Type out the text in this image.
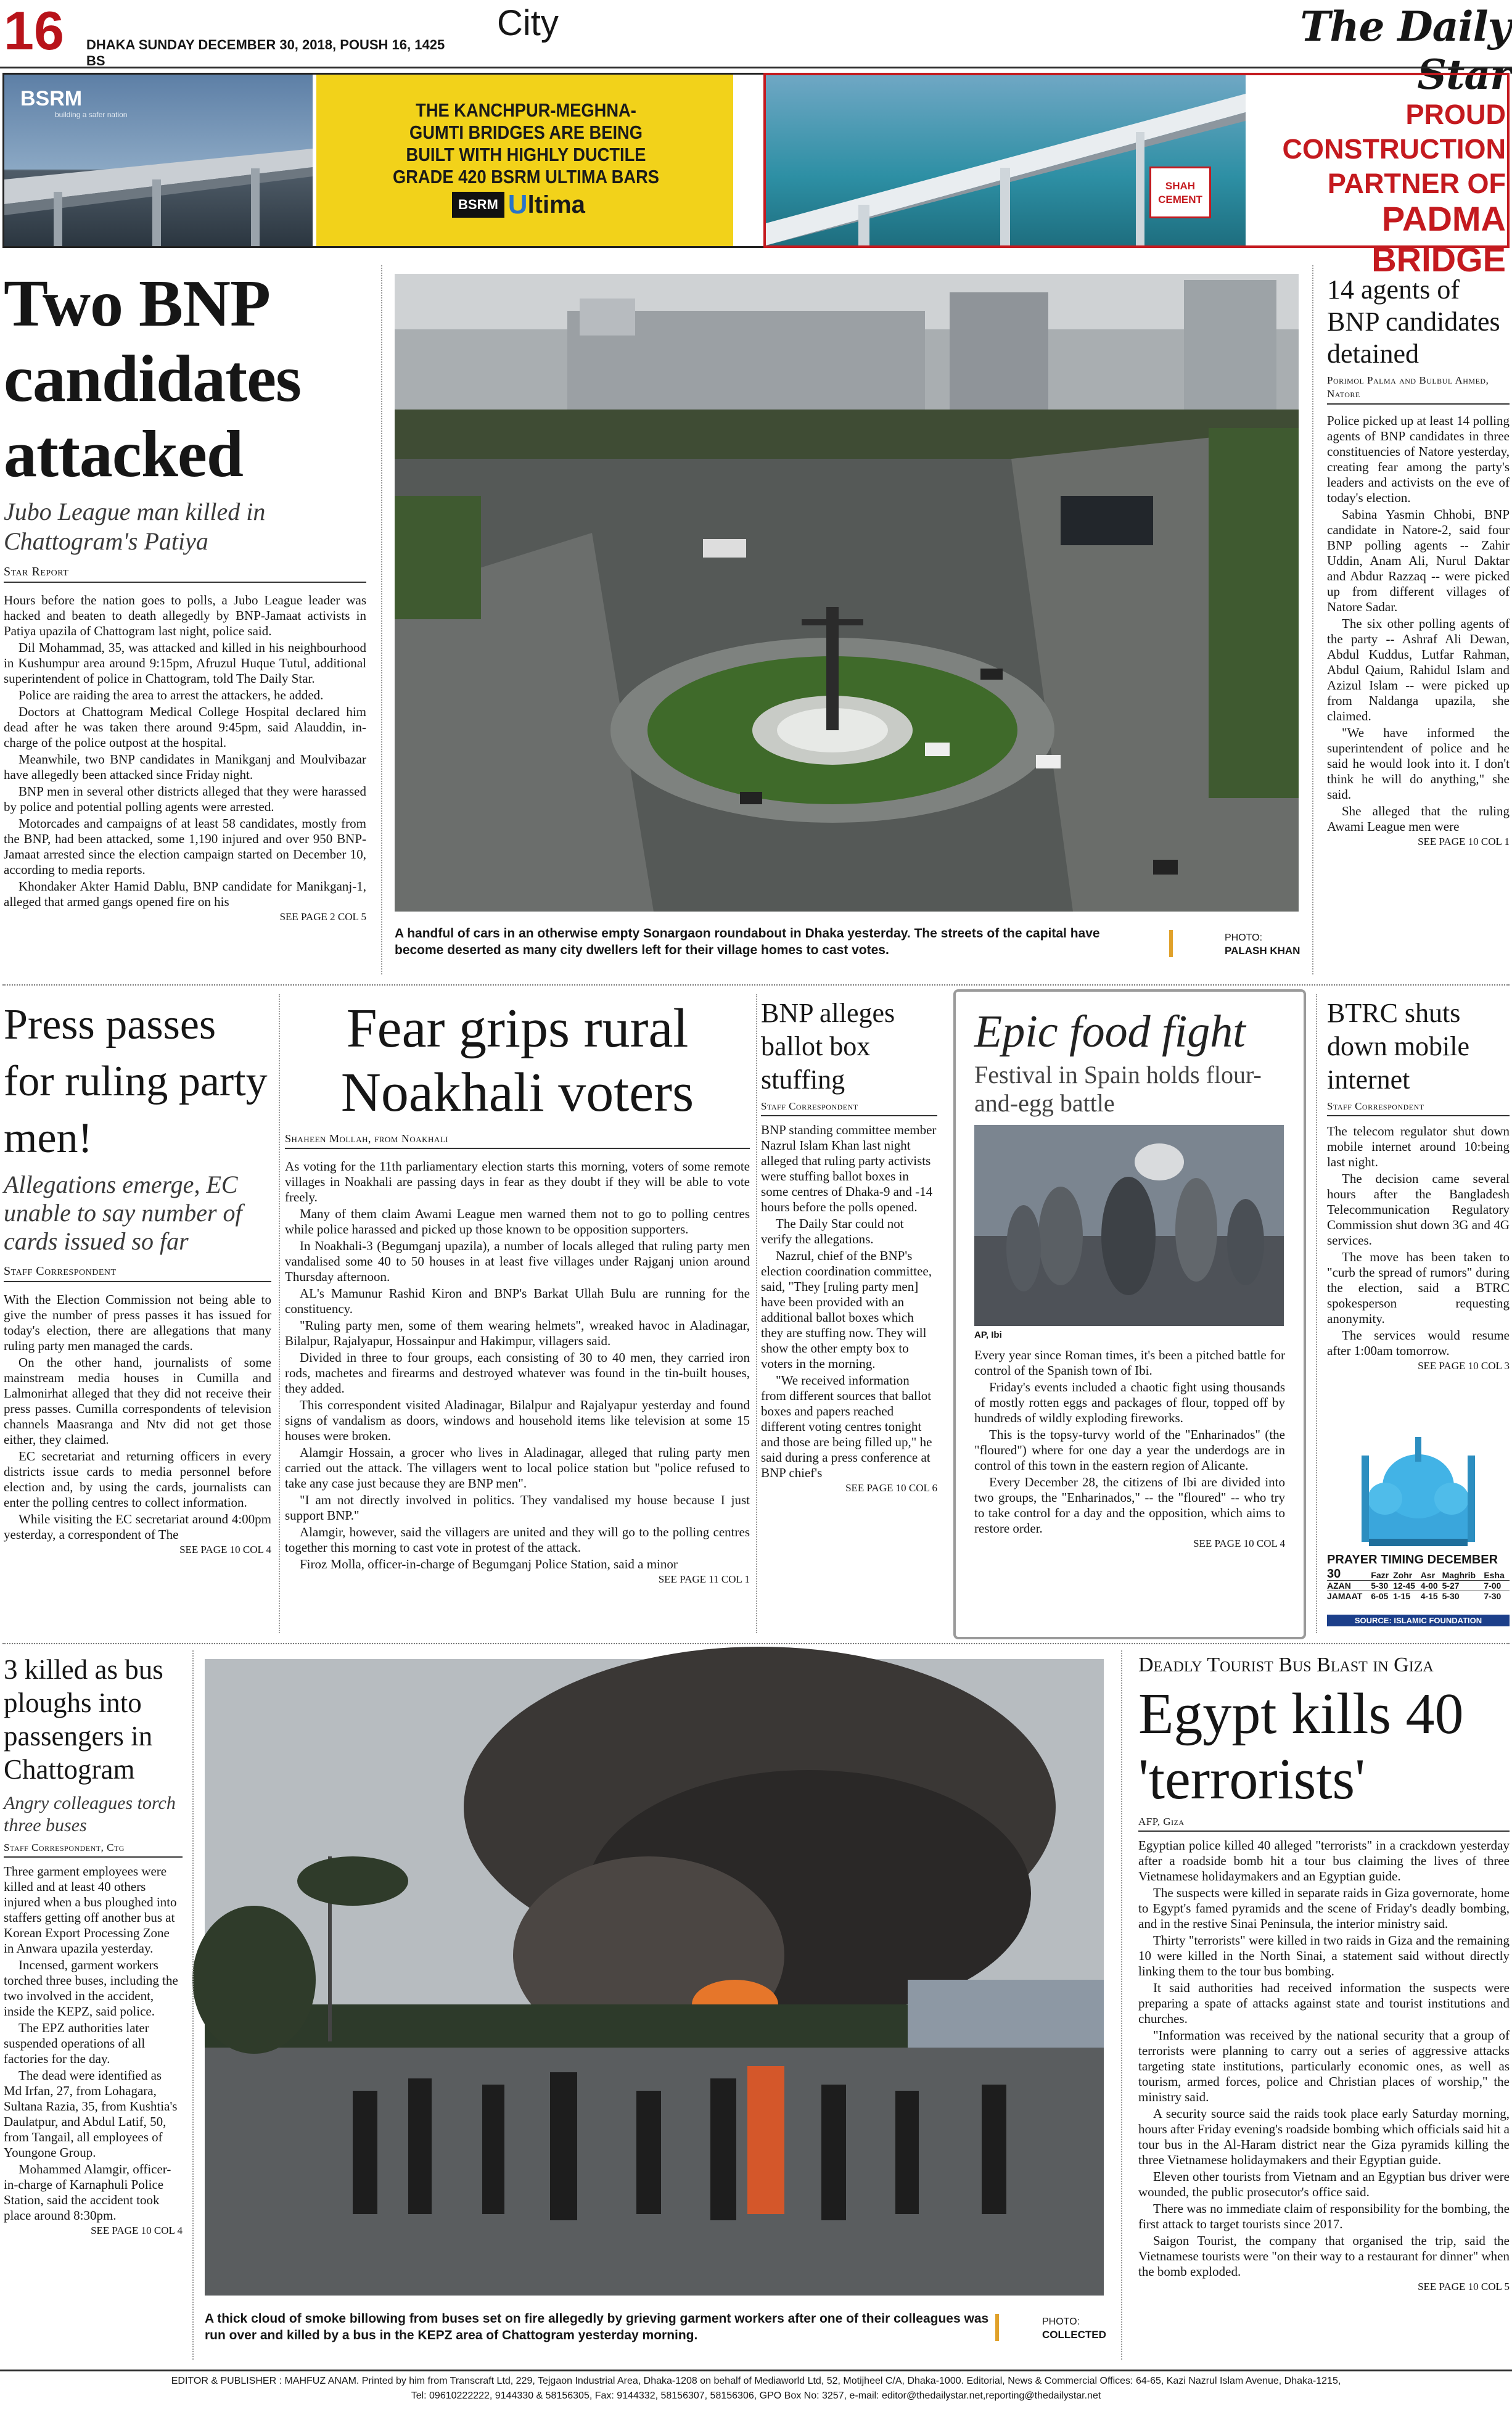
16 DHAKA SUNDAY DECEMBER 30, 2018, POUSH 16, 1425 BS
City	The Daily Star
BSRM
building a safer nation	THE KANCHPUR-MEGHNA-GUMTI BRIDGES ARE BEING BUILT WITH HIGHLY DUCTILE GRADE 420 BSRM ULTIMA BARS
BSRM Ultima
SHAH CEMENT
PROUD
CONSTRUCTION
PARTNER OF
PADMA BRIDGE
Two BNP candidates attacked
Jubo League man killed in Chattogram's Patiya
Star Report

Hours before the nation goes to polls, a Jubo League leader was hacked and beaten to death allegedly by BNP-Jamaat activists in Patiya upazila of Chattogram last night, police said.

Dil Mohammad, 35, was attacked and killed in his neighbourhood in Kushumpur area around 9:15pm, Afruzul Huque Tutul, additional superintendent of police in Chattogram, told The Daily Star.

Police are raiding the area to arrest the attackers, he added.

Doctors at Chattogram Medical College Hospital declared him dead after he was taken there around 9:45pm, said Alauddin, in-charge of the police outpost at the hospital.

Meanwhile, two BNP candidates in Manikganj and Moulvibazar have allegedly been attacked since Friday night.

BNP men in several other districts alleged that they were harassed by police and potential polling agents were arrested.

Motorcades and campaigns of at least 58 candidates, mostly from the BNP, had been attacked, some 1,190 injured and over 950 BNP-Jamaat arrested since the election campaign started on December 10, according to media reports.

Khondaker Akter Hamid Dablu, BNP candidate for Manikganj-1, alleged that armed gangs opened fire on his

SEE PAGE 2 COL 5
A handful of cars in an otherwise empty Sonargaon roundabout in Dhaka yesterday. The streets of the capital have become deserted as many city dwellers left for their village homes to cast votes.
PHOTO:
PALASH KHAN
14 agents of BNP candidates detained
Porimol Palma and Bulbul Ahmed, Natore

Police picked up at least 14 polling agents of BNP candidates in three constituencies of Natore yesterday, creating fear among the party's leaders and activists on the eve of today's election.

Sabina Yasmin Chhobi, BNP candidate in Natore-2, said four BNP polling agents -- Zahir Uddin, Anam Ali, Nurul Daktar and Abdur Razzaq -- were picked up from different villages of Natore Sadar.

The six other polling agents of the party -- Ashraf Ali Dewan, Abdul Kuddus, Lutfar Rahman, Abdul Qaium, Rahidul Islam and Azizul Islam -- were picked up from Naldanga upazila, she claimed.

"We have informed the superintendent of police and he said he would look into it. I don't think he will do anything," she said.

She alleged that the ruling Awami League men were

SEE PAGE 10 COL 1
Press passes for ruling party men!
Allegations emerge, EC unable to say number of cards issued so far
Staff Correspondent

With the Election Commission not being able to give the number of press passes it has issued for today's election, there are allegations that many ruling party men managed the cards.

On the other hand, journalists of some mainstream media houses in Cumilla and Lalmonirhat alleged that they did not receive their press passes. Cumilla correspondents of television channels Maasranga and Ntv did not get those either, they claimed.

EC secretariat and returning officers in every districts issue cards to media personnel before election and, by using the cards, journalists can enter the polling centres to collect information.

While visiting the EC secretariat around 4:00pm yesterday, a correspondent of The

SEE PAGE 10 COL 4
Fear grips rural Noakhali voters
Shaheen Mollah, from Noakhali

As voting for the 11th parliamentary election starts this morning, voters of some remote villages in Noakhali are passing days in fear as they doubt if they will be able to vote freely.

Many of them claim Awami League men warned them not to go to polling centres while police harassed and picked up those known to be opposition supporters.

In Noakhali-3 (Begumganj upazila), a number of locals alleged that ruling party men vandalised some 40 to 50 houses in at least five villages under Rajganj union around Thursday afternoon.

AL's Mamunur Rashid Kiron and BNP's Barkat Ullah Bulu are running for the constituency.

"Ruling party men, some of them wearing helmets", wreaked havoc in Aladinagar, Bilalpur, Rajalyapur, Hossainpur and Hakimpur, villagers said.

Divided in three to four groups, each consisting of 30 to 40 men, they carried iron rods, machetes and firearms and destroyed whatever was found in the tin-built houses, they added.

This correspondent visited Aladinagar, Bilalpur and Rajalyapur yesterday and found signs of vandalism as doors, windows and household items like television at some 15 houses were broken.

Alamgir Hossain, a grocer who lives in Aladinagar, alleged that ruling party men carried out the attack. The villagers went to local police station but "police refused to take any case just because they are BNP men".

"I am not directly involved in politics. They vandalised my house because I just support BNP."

Alamgir, however, said the villagers are united and they will go to the polling centres together this morning to cast vote in protest of the attack.

Firoz Molla, officer-in-charge of Begumganj Police Station, said a minor

SEE PAGE 11 COL 1
BNP alleges ballot box stuffing
Staff Correspondent

BNP standing committee member Nazrul Islam Khan last night alleged that ruling party activists were stuffing ballot boxes in some centres of Dhaka-9 and -14 hours before the polls opened.

The Daily Star could not verify the allegations.

Nazrul, chief of the BNP's election coordination committee, said, "They [ruling party men] have been provided with an additional ballot boxes which they are stuffing now. They will show the other empty box to voters in the morning.

"We received information from different sources that ballot boxes and papers reached different voting centres tonight and those are being filled up," he said during a press conference at BNP chief's

SEE PAGE 10 COL 6
Epic food fight
Festival in Spain holds flour-and-egg battle
AP, Ibi

Every year since Roman times, it's been a pitched battle for control of the Spanish town of Ibi.

Friday's events included a chaotic fight using thousands of mostly rotten eggs and packages of flour, topped off by hundreds of wildly exploding fireworks.

This is the topsy-turvy world of the "Enharinados" (the "floured") where for one day a year the underdogs are in control of this town in the eastern region of Alicante.

Every December 28, the citizens of Ibi are divided into two groups, the "Enharinados," -- the "floured" -- who try to take control for a day and the opposition, which aims to restore order.

SEE PAGE 10 COL 4
BTRC shuts down mobile internet
Staff Correspondent

The telecom regulator shut down mobile internet around 10:being last night.

The decision came several hours after the Bangladesh Telecommunication Regulatory Commission shut down 3G and 4G services.

The move has been taken to "curb the spread of rumors" during the election, said a BTRC spokesperson requesting anonymity.

The services would resume after 1:00am tomorrow.

SEE PAGE 10 COL 3
PRAYER TIMING DECEMBER 30
		Fazr	Zohr	Asr	Maghrib	Esha
AZAN	5-30	12-45	4-00	5-27	7-00
JAMAAT	6-05	1-15	4-15	5-30	7-30
SOURCE: ISLAMIC FOUNDATION
3 killed as bus ploughs into passengers in Chattogram
Angry colleagues torch three buses
Staff Correspondent, Ctg

Three garment employees were killed and at least 40 others injured when a bus ploughed into staffers getting off another bus at Korean Export Processing Zone in Anwara upazila yesterday.

Incensed, garment workers torched three buses, including the two involved in the accident, inside the KEPZ, said police.

The EPZ authorities later suspended operations of all factories for the day.

The dead were identified as Md Irfan, 27, from Lohagara, Sultana Razia, 35, from Kushtia's Daulatpur, and Abdul Latif, 50, from Tangail, all employees of Youngone Group.

Mohammed Alamgir, officer-in-charge of Karnaphuli Police Station, said the accident took place around 8:30pm.

SEE PAGE 10 COL 4
A thick cloud of smoke billowing from buses set on fire allegedly by grieving garment workers after one of their colleagues was run over and killed by a bus in the KEPZ area of Chattogram yesterday morning.
PHOTO:
COLLECTED
Deadly Tourist Bus Blast in Giza
Egypt kills 40 'terrorists'
AFP, Giza

Egyptian police killed 40 alleged "terrorists" in a crackdown yesterday after a roadside bomb hit a tour bus claiming the lives of three Vietnamese holidaymakers and an Egyptian guide.

The suspects were killed in separate raids in Giza governorate, home to Egypt's famed pyramids and the scene of Friday's deadly bombing, and in the restive Sinai Peninsula, the interior ministry said.

Thirty "terrorists" were killed in two raids in Giza and the remaining 10 were killed in the North Sinai, a statement said without directly linking them to the tour bus bombing.

It said authorities had received information the suspects were preparing a spate of attacks against state and tourist institutions and churches.

"Information was received by the national security that a group of terrorists were planning to carry out a series of aggressive attacks targeting state institutions, particularly economic ones, as well as tourism, armed forces, police and Christian places of worship," the ministry said.

A security source said the raids took place early Saturday morning, hours after Friday evening's roadside bombing which officials said hit a tour bus in the Al-Haram district near the Giza pyramids killing the three Vietnamese holidaymakers and their Egyptian guide.

Eleven other tourists from Vietnam and an Egyptian bus driver were wounded, the public prosecutor's office said.

There was no immediate claim of responsibility for the bombing, the first attack to target tourists since 2017.

Saigon Tourist, the company that organised the trip, said the Vietnamese tourists were "on their way to a restaurant for dinner" when the bomb exploded.

SEE PAGE 10 COL 5
EDITOR & PUBLISHER : MAHFUZ ANAM. Printed by him from Transcraft Ltd, 229, Tejgaon Industrial Area, Dhaka-1208 on behalf of Mediaworld Ltd, 52, Motijheel C/A, Dhaka-1000. Editorial, News & Commercial Offices: 64-65, Kazi Nazrul Islam Avenue, Dhaka-1215,
Tel: 09610222222, 9144330 & 58156305, Fax: 9144332, 58156307, 58156306, GPO Box No: 3257, e-mail: editor@thedailystar.net,reporting@thedailystar.net
